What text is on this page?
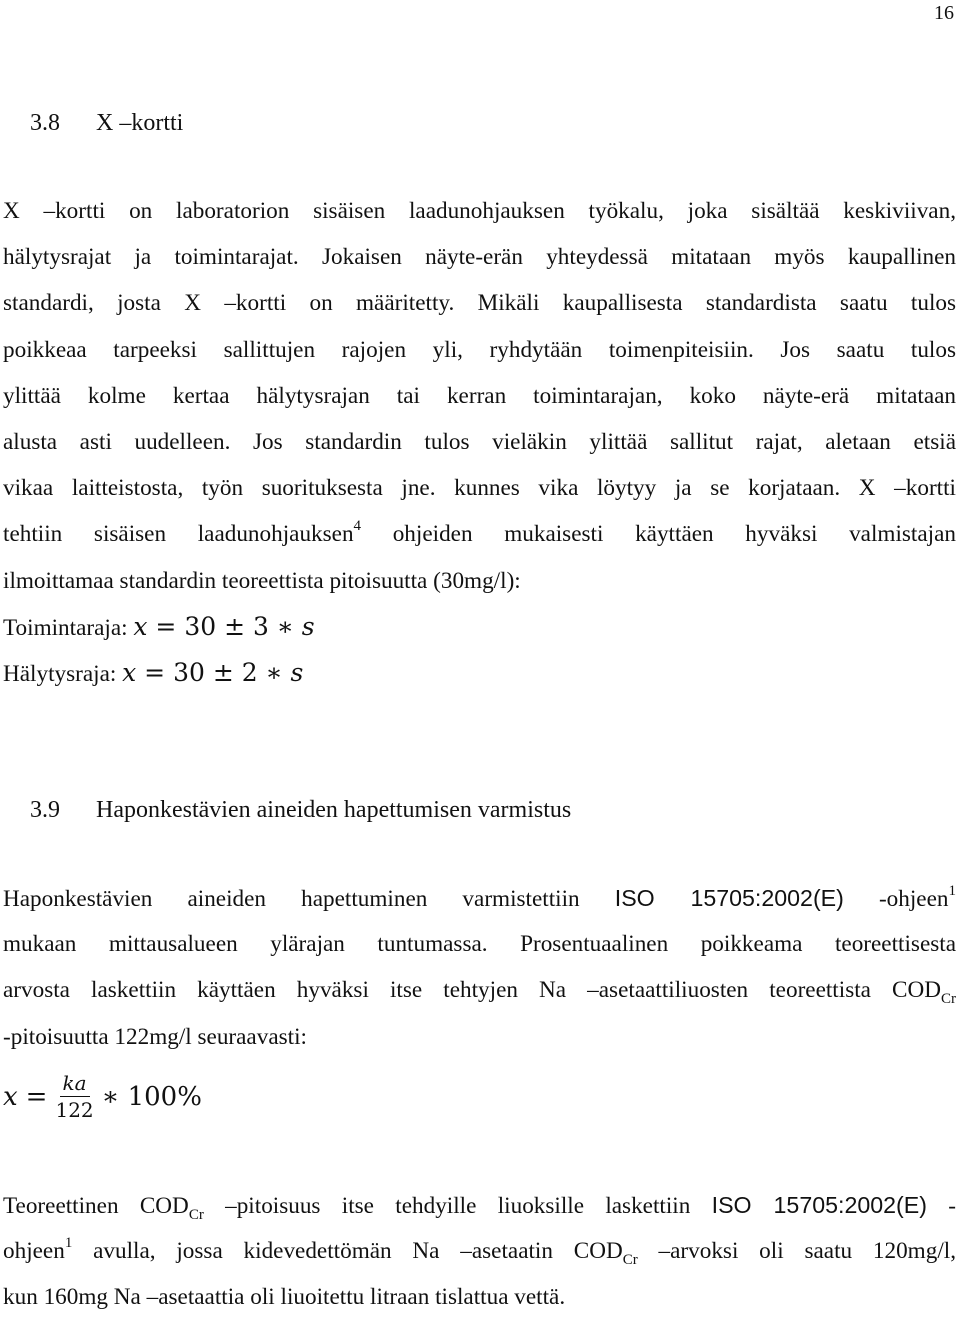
16
3.8 X –kortti
X –kortti on laboratorion sisäisen laadunohjauksen työkalu, joka sisältää keskiviivan,
hälytysrajat ja toimintarajat. Jokaisen näyte-erän yhteydessä mitataan myös kaupallinen
standardi, josta X –kortti on määritetty. Mikäli kaupallisesta standardista saatu tulos
poikkeaa tarpeeksi sallittujen rajojen yli, ryhdytään toimenpiteisiin. Jos saatu tulos
ylittää kolme kertaa hälytysrajan tai kerran toimintarajan, koko näyte-erä mitataan
alusta asti uudelleen. Jos standardin tulos vieläkin ylittää sallitut rajat, aletaan etsiä
vikaa laitteistosta, työn suorituksesta jne. kunnes vika löytyy ja se korjataan. X –kortti
tehtiin sisäisen laadunohjauksen$^4$ ohjeiden mukaisesti käyttäen hyväksi valmistajan
ilmoittamaa standardin teoreettista pitoisuutta (30mg/l):
Toimintaraja: x = 30 ± 3 ∗ s
Hälytysraja: x = 30 ± 2 ∗ s
3.9 Haponkestävien aineiden hapettumisen varmistus
Haponkestävien aineiden hapettuminen varmistettiin ISO 15705:2002(E) -ohjeen$^1$
mukaan mittausalueen ylärajan tuntumassa. Prosentuaalinen poikkeama teoreettisesta
arvosta laskettiin käyttäen hyväksi itse tehtyjen Na –asetaattiliuosten teoreettista $COD_{Cr}$
-pitoisuutta 122mg/l seuraavasti:
$x = \frac{ka}{122}$ ∗ 100%
Teoreettinen $COD_{Cr}$ –pitoisuus itse tehdyille liuoksille laskettiin ISO 15705:2002(E) -
ohjeen$^1$ avulla, jossa kidevedettömän Na –asetaatin $COD_{Cr}$ –arvoksi oli saatu 120mg/l,
kun 160mg Na –asetaattia oli liuoitettu litraan tislattua vettä.
